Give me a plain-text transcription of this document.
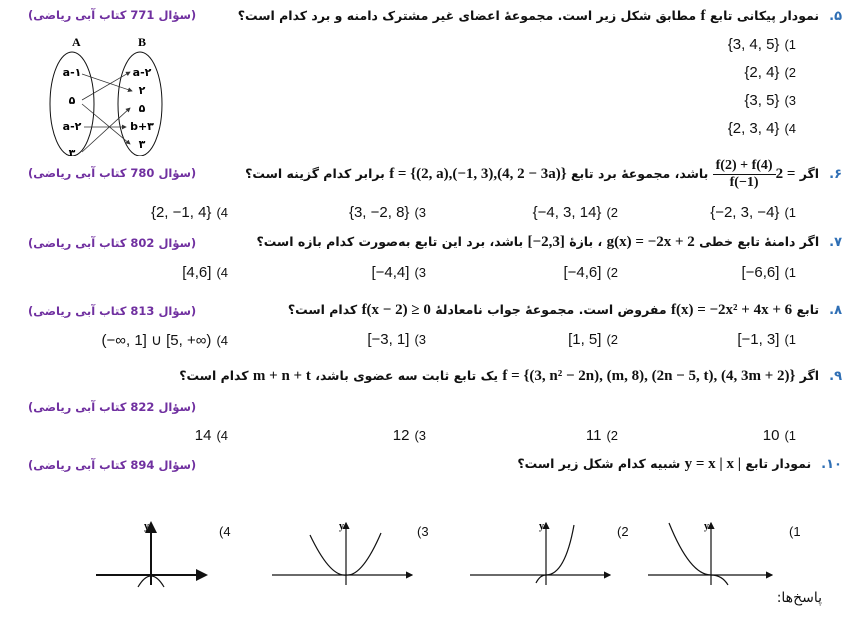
۵.نمودار پیکانی تابع f مطابق شکل زیر است. مجموعهٔ اعضای غیر مشترک دامنه و برد کدام است؟
(سؤال 771 کتاب آبی ریاضی)
{3, 4, 5} (1
{2, 4} (2
{3, 5} (3
{2, 3, 4} (4
A	B
a-۱
۵
a-۲
۳
a-۲
۲
۵
b+۳
۳
۶.اگر 2 =
$\frac{f(2) + f(4)}{f(-1)}$
باشد، مجموعهٔ برد تابع f = {(2, a),(−1, 3),(4, 2 − 3a)} برابر کدام گزینه است؟
(سؤال 780 کتاب آبی ریاضی)
{−2, 3, −4} (1
{−4, 3, 14} (2
{3, −2, 8} (3
{2, −1, 4} (4
۷.اگر دامنهٔ تابع خطی g(x) = −2x + 2 ، بازهٔ [−2,3] باشد، برد این تابع به‌صورت کدام بازه است؟
(سؤال 802 کتاب آبی ریاضی)
[−6,6] (1
[−4,6] (2
[−4,4] (3
[4,6] (4
۸.تابع f(x) = −2x² + 4x + 6 مفروض است. مجموعهٔ جواب نامعادلهٔ f(x − 2) ≥ 0 کدام است؟
(سؤال 813 کتاب آبی ریاضی)
[−1, 3] (1
[1, 5] (2
[−3, 1] (3
(−∞, 1] ∪ [5, +∞) (4
۹.اگر f = {(3, n² − 2n), (m, 8), (2n − 5, t), (4, 3m + 2)} یک تابع ثابت سه عضوی باشد، m + n + t کدام است؟
(سؤال 822 کتاب آبی ریاضی)
10 (1
11 (2
12 (3
14 (4
۱۰.نمودار تابع y = x | x | شبیه کدام شکل زیر است؟
(سؤال 894 کتاب آبی ریاضی)
(1
(2
(3
(4	y
y
y
y
پاسخ‌ها:
